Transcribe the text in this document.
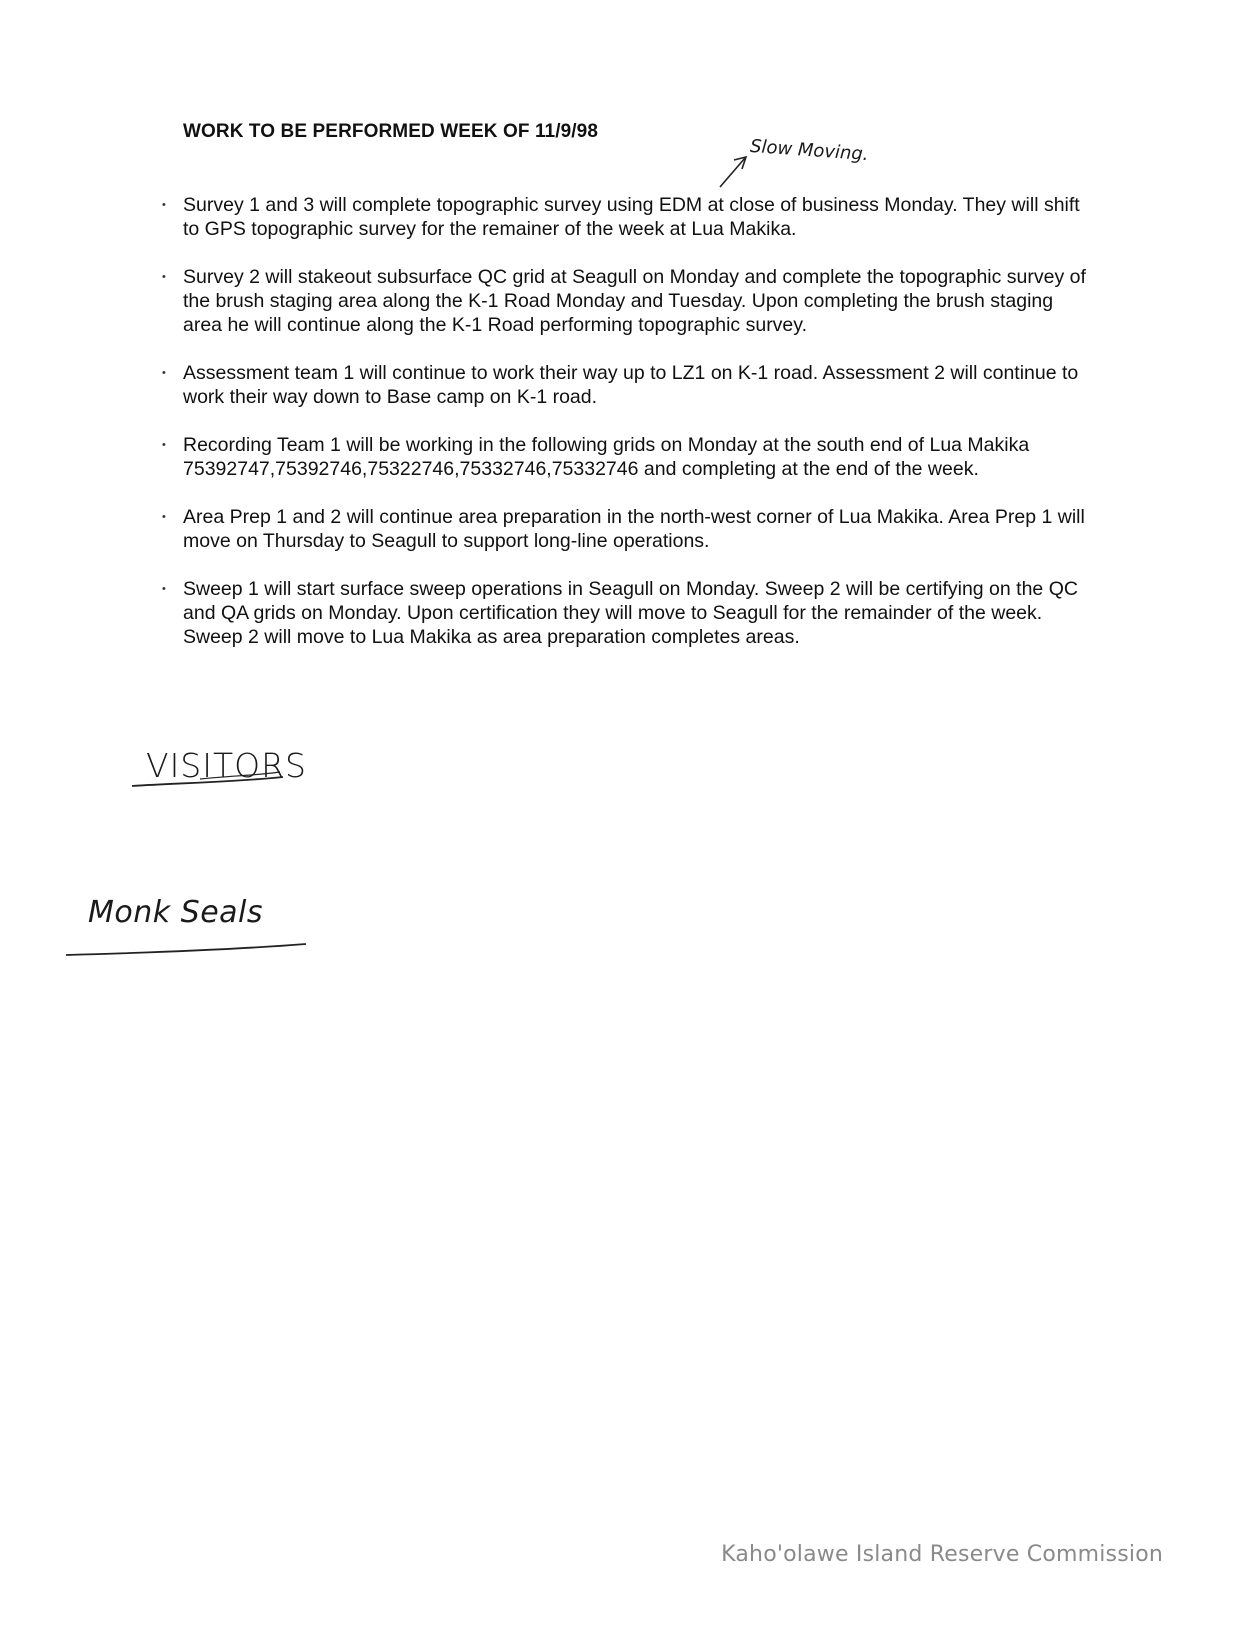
WORK TO BE PERFORMED WEEK OF 11/9/98
• Survey 1 and 3 will complete topographic survey using EDM at close of business Monday. They will shift to GPS topographic survey for the remainer of the week at Lua Makika.
• Survey 2 will stakeout subsurface QC grid at Seagull on Monday and complete the topographic survey of the brush staging area along the K-1 Road Monday and Tuesday. Upon completing the brush staging area he will continue along the K-1 Road performing topographic survey.
• Assessment team 1 will continue to work their way up to LZ1 on K-1 road. Assessment 2 will continue to work their way down to Base camp on K-1 road.
• Recording Team 1 will be working in the following grids on Monday at the south end of Lua Makika 75392747,75392746,75322746,75332746,75332746 and completing at the end of the week.
• Area Prep 1 and 2 will continue area preparation in the north-west corner of Lua Makika. Area Prep 1 will move on Thursday to Seagull to support long-line operations.
• Sweep 1 will start surface sweep operations in Seagull on Monday. Sweep 2 will be certifying on the QC and QA grids on Monday. Upon certification they will move to Seagull for the remainder of the week. Sweep 2 will move to Lua Makika as area preparation completes areas.
Slow Moving.
VISITORS
Monk Seals
Kaho'olawe Island Reserve Commission
